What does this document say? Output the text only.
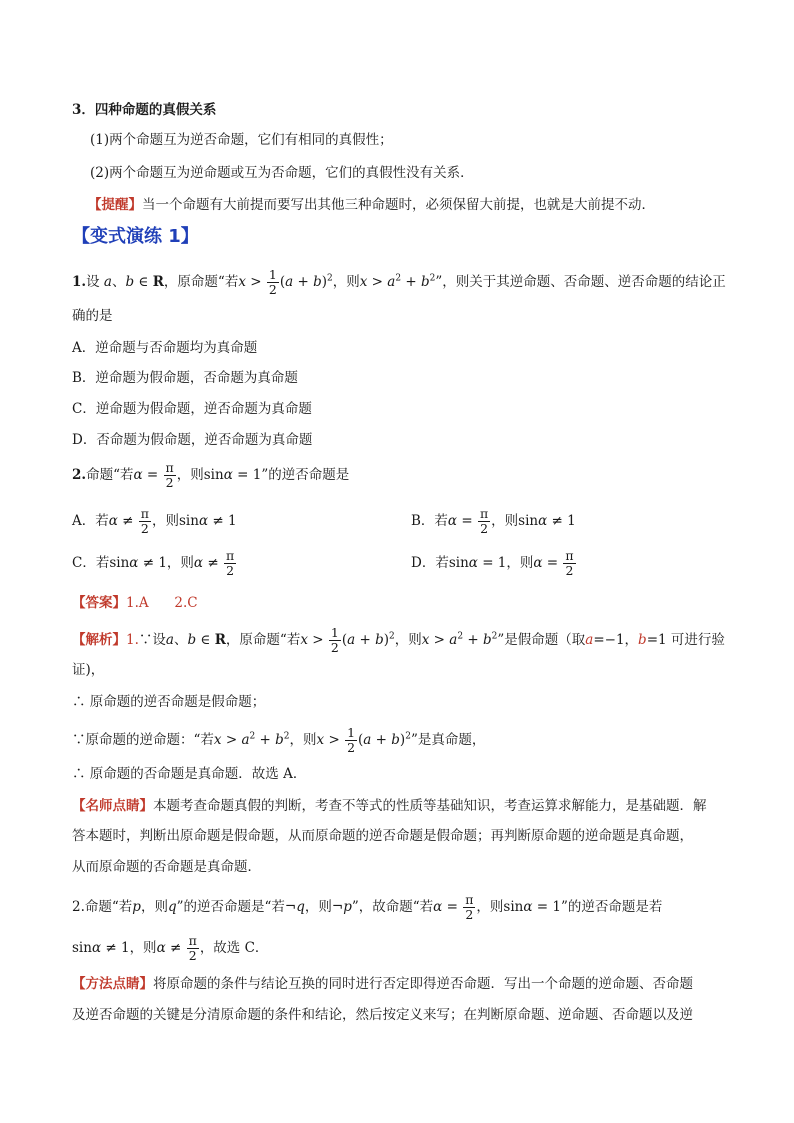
3．四种命题的真假关系
(1)两个命题互为逆否命题，它们有相同的真假性；
(2)两个命题互为逆命题或互为否命题，它们的真假性没有关系．
【提醒】当一个命题有大前提而要写出其他三种命题时，必须保留大前提，也就是大前提不动．
【变式演练 1】
1.设 a、b ∈ R，原命题“若$x > \frac{1}{2} (a + b)^2$，则$x > a^2 + b^2$”，则关于其逆命题、否命题、逆否命题的结论正
确的是
A．逆命题与否命题均为真命题
B．逆命题为假命题，否命题为真命题
C．逆命题为假命题，逆否命题为真命题
D．否命题为假命题，逆否命题为真命题
2.命题“若$\alpha = \frac{\pi}{2}$ ，则sinα = 1”的逆否命题是
A．若$\alpha \ne \frac{\pi}{2}$ ，则sinα ≠ 1	B．若$\alpha = \frac{\pi}{2}$ ，则sinα ≠ 1
C．若sinα ≠ 1，则$\alpha \ne \frac{\pi}{2}$	D．若sinα = 1，则$\alpha = \frac{\pi}{2}$
【答案】1.A      2.C
【解析】1.∵设a、b ∈ R，原命题“若$x > \frac{1}{2} (a + b)^2$，则$x > a^2 + b^2$”是假命题（取a=−1，b=1 可进行验
证)，
∴ 原命题的逆否命题是假命题；
∵原命题的逆命题：“若$x > a^2 + b^2$，则$x > \frac{1}{2} (a + b)^2$”是真命题，
∴ 原命题的否命题是真命题．故选 A．
【名师点睛】本题考查命题真假的判断，考查不等式的性质等基础知识，考查运算求解能力，是基础题．解
答本题时，判断出原命题是假命题，从而原命题的逆否命题是假命题；再判断原命题的逆命题是真命题，
从而原命题的否命题是真命题．
2.命题“若p，则q”的逆否命题是“若¬q，则¬p”，故命题“若$\alpha = \frac{\pi}{2}$ ，则sinα = 1”的逆否命题是若
sinα ≠ 1，则$\alpha \ne \frac{\pi}{2}$ ，故选 C．
【方法点睛】将原命题的条件与结论互换的同时进行否定即得逆否命题．写出一个命题的逆命题、否命题
及逆否命题的关键是分清原命题的条件和结论，然后按定义来写；在判断原命题、逆命题、否命题以及逆
